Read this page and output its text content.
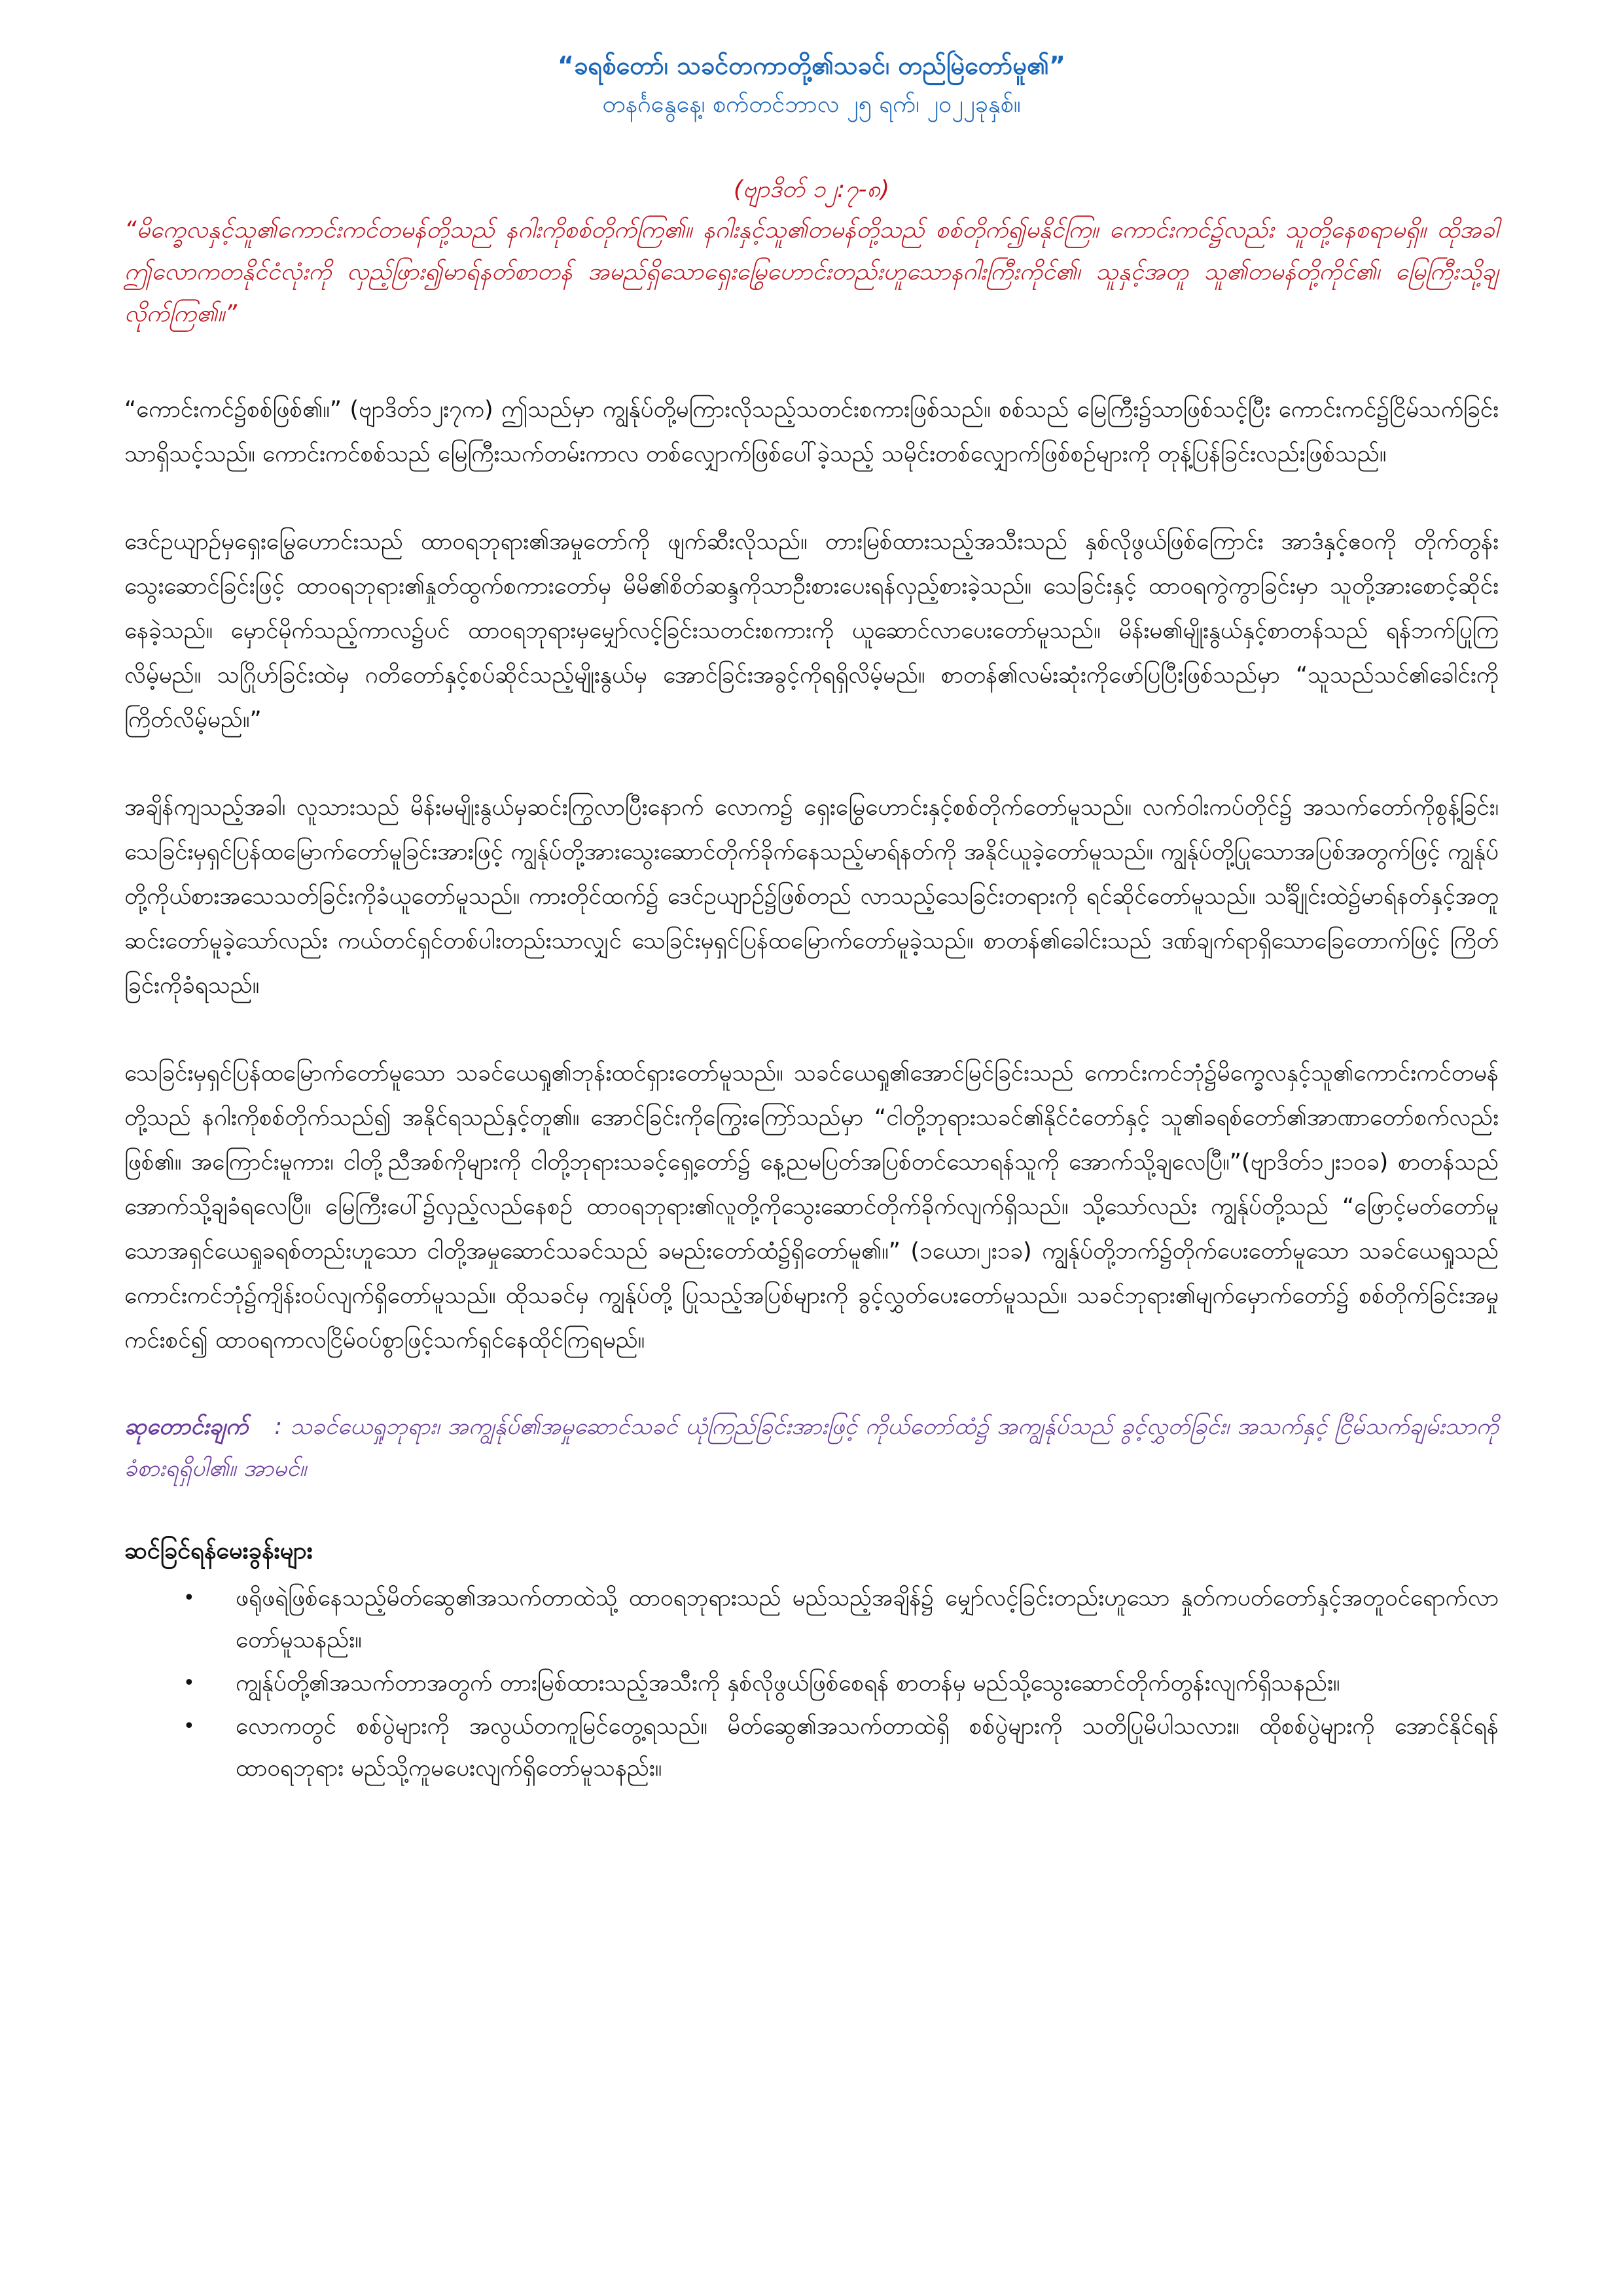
“ခရစ်တော်၊ သခင်တကာတို့၏သခင်၊ တည်မြဲတော်မူ၏”

တနင်္ဂနွေနေ့၊ စက်တင်ဘာလ ၂၅ ရက်၊ ၂၀၂၂ခုနှစ်။

(ဗျာဒိတ် ၁၂:၇-၈)

“မိက္ခေလနှင့်သူ၏ကောင်းကင်တမန်တို့သည် နဂါးကိုစစ်တိုက်ကြ၏။ နဂါးနှင့်သူ၏တမန်တို့သည် စစ်တိုက်၍မနိုင်ကြ။ ကောင်းကင်၌လည်း သူတို့နေစရာမရှိ။ ထိုအခါ ဤလောကတနိုင်ငံလုံးကို လှည့်ဖြား၍မာရ်နတ်စာတန် အမည်ရှိသောရှေးမြွေဟောင်းတည်းဟူသောနဂါးကြီးကိုင်၏၊ သူနှင့်အတူ သူ၏တမန်တို့ကိုင်၏၊ မြေကြီးသို့ချလိုက်ကြ၏။”

“ကောင်းကင်၌စစ်ဖြစ်၏။” (ဗျာဒိတ်၁၂း၇က) ဤသည်မှာ ကျွန်ုပ်တို့မကြားလိုသည့်သတင်းစကားဖြစ်သည်။ စစ်သည် မြေကြီး၌သာဖြစ်သင့်ပြီး ကောင်းကင်၌ငြိမ်သက်ခြင်းသာရှိသင့်သည်။ ကောင်းကင်စစ်သည် မြေကြီးသက်တမ်းကာလ တစ်လျှောက်ဖြစ်ပေါ်ခဲ့သည့် သမိုင်းတစ်လျှောက်ဖြစ်စဉ်များကို တုန့်ပြန်ခြင်းလည်းဖြစ်သည်။

ဒေင်ဥယျာဉ်မှရှေးမြွေဟောင်းသည် ထာဝရဘုရား၏အမှုတော်ကို ဖျက်ဆီးလိုသည်။ တားမြစ်ထားသည့်အသီးသည် နှစ်လိုဖွယ်ဖြစ်ကြောင်း အာဒံနှင့်ဧဝကို တိုက်တွန်းသွေးဆောင်ခြင်းဖြင့် ထာဝရဘုရား၏နှုတ်ထွက်စကားတော်မှ မိမိ၏စိတ်ဆန္ဒကိုသာဦးစားပေးရန်လှည့်စားခဲ့သည်။ သေခြင်းနှင့် ထာဝရကွဲကွာခြင်းမှာ သူတို့အားစောင့်ဆိုင်းနေခဲ့သည်။ မှောင်မိုက်သည့်ကာလ၌ပင် ထာဝရဘုရားမှမျှော်လင့်ခြင်းသတင်းစကားကို ယူဆောင်လာပေးတော်မူသည်။ မိန်းမ၏မျိုးနွယ်နှင့်စာတန်သည် ရန်ဘက်ပြုကြလိမ့်မည်။ သဂြိုဟ်ခြင်းထဲမှ ဂတိတော်နှင့်စပ်ဆိုင်သည့်မျိုးနွယ်မှ အောင်ခြင်းအခွင့်ကိုရရှိလိမ့်မည်။ စာတန်၏လမ်းဆုံးကိုဖော်ပြပြီးဖြစ်သည်မှာ “သူသည်သင်၏ခေါင်းကို ကြိတ်လိမ့်မည်။”

အချိန်ကျသည့်အခါ၊ လူသားသည် မိန်းမမျိုးနွယ်မှဆင်းကြွလာပြီးနောက် လောက၌ ရှေးမြွေဟောင်းနှင့်စစ်တိုက်တော်မူသည်။ လက်ဝါးကပ်တိုင်၌ အသက်တော်ကိုစွန့်ခြင်း၊ သေခြင်းမှရှင်ပြန်ထမြောက်တော်မူခြင်းအားဖြင့် ကျွန်ုပ်တို့အားသွေးဆောင်တိုက်ခိုက်နေသည့်မာရ်နတ်ကို အနိုင်ယူခဲ့တော်မူသည်။ ကျွန်ုပ်တို့ပြုသောအပြစ်အတွက်ဖြင့် ကျွန်ုပ်တို့ကိုယ်စားအသေသတ်ခြင်းကိုခံယူတော်မူသည်။ ကားတိုင်ထက်၌ ဒေင်ဥယျာဉ်၌ဖြစ်တည် လာသည့်သေခြင်းတရားကို ရင်ဆိုင်တော်မူသည်။ သင်္ချိုင်းထဲ၌မာရ်နတ်နှင့်အတူဆင်းတော်မူခဲ့သော်လည်း ကယ်တင်ရှင်တစ်ပါးတည်းသာလျှင် သေခြင်းမှရှင်ပြန်ထမြောက်တော်မူခဲ့သည်။ စာတန်၏ခေါင်းသည် ဒဏ်ချက်ရာရှိသောခြေတောက်ဖြင့် ကြိတ်ခြင်းကိုခံရသည်။

သေခြင်းမှရှင်ပြန်ထမြောက်တော်မူသော သခင်ယေရှု၏ဘုန်းထင်ရှားတော်မူသည်။ သခင်ယေရှု၏အောင်မြင်ခြင်းသည် ကောင်းကင်ဘုံ၌မိက္ခေလနှင့်သူ၏ကောင်းကင်တမန်တို့သည် နဂါးကိုစစ်တိုက်သည်၍ အနိုင်ရသည်နှင့်တူ၏။ အောင်ခြင်းကိုကြွေးကြော်သည်မှာ “ငါတို့ဘုရားသခင်၏နိုင်ငံတော်နှင့် သူ၏ခရစ်တော်၏အာဏာတော်စက်လည်းဖြစ်၏။ အကြောင်းမူကား၊ ငါတို့ညီအစ်ကိုများကို ငါတို့ဘုရားသခင့်ရှေ့တော်၌ နေ့ညမပြတ်အပြစ်တင်သောရန်သူကို အောက်သို့ချလေပြီ။”(ဗျာဒိတ်၁၂း၁၀ခ) စာတန်သည် အောက်သို့ချခံရလေပြီ။ မြေကြီးပေါ်၌လှည့်လည်နေစဉ် ထာဝရဘုရား၏လူတို့ကိုသွေးဆောင်တိုက်ခိုက်လျက်ရှိသည်။ သို့သော်လည်း ကျွန်ုပ်တို့သည် “ဖြောင့်မတ်တော်မူသောအရှင်ယေရှုခရစ်တည်းဟူသော ငါတို့အမှုဆောင်သခင်သည် ခမည်းတော်ထံ၌ရှိတော်မူ၏။” (၁ယော၊၂း၁ခ) ကျွန်ုပ်တို့ဘက်၌တိုက်ပေးတော်မူသော သခင်ယေရှုသည် ကောင်းကင်ဘုံ၌ကျိန်းဝပ်လျက်ရှိတော်မူသည်။ ထိုသခင်မှ ကျွန်ုပ်တို့ ပြုသည့်အပြစ်များကို ခွင့်လွှတ်ပေးတော်မူသည်။ သခင်ဘုရား၏မျက်မှောက်တော်၌ စစ်တိုက်ခြင်းအမှုကင်းစင်၍ ထာဝရကာလငြိမ်ဝပ်စွာဖြင့်သက်ရှင်နေထိုင်ကြရမည်။

ဆုတောင်းချက် : သခင်ယေရှုဘုရား၊ အကျွန်ုပ်၏အမှုဆောင်သခင် ယုံကြည်ခြင်းအားဖြင့် ကိုယ်တော်ထံ၌ အကျွန်ုပ်သည် ခွင့်လွှတ်ခြင်း၊ အသက်နှင့် ငြိမ်သက်ချမ်းသာကို ခံစားရရှိပါ၏။ အာမင်။

ဆင်ခြင်ရန်မေးခွန်းများ
• ဖရိုဖရဲဖြစ်နေသည့်မိတ်ဆွေ၏အသက်တာထဲသို့ ထာဝရဘုရားသည် မည်သည့်အချိန်၌ မျှော်လင့်ခြင်းတည်းဟူသော နှုတ်ကပတ်တော်နှင့်အတူဝင်ရောက်လာတော်မူသနည်း။
• ကျွန်ုပ်တို့၏အသက်တာအတွက် တားမြစ်ထားသည့်အသီးကို နှစ်လိုဖွယ်ဖြစ်စေရန် စာတန်မှ မည်သို့သွေးဆောင်တိုက်တွန်းလျက်ရှိသနည်း။
• လောကတွင် စစ်ပွဲများကို အလွယ်တကူမြင်တွေ့ရသည်။ မိတ်ဆွေ၏အသက်တာထဲရှိ စစ်ပွဲများကို သတိပြုမိပါသလား။ ထိုစစ်ပွဲများကို အောင်နိုင်ရန် ထာဝရဘုရား မည်သို့ကူမပေးလျက်ရှိတော်မူသနည်း။
